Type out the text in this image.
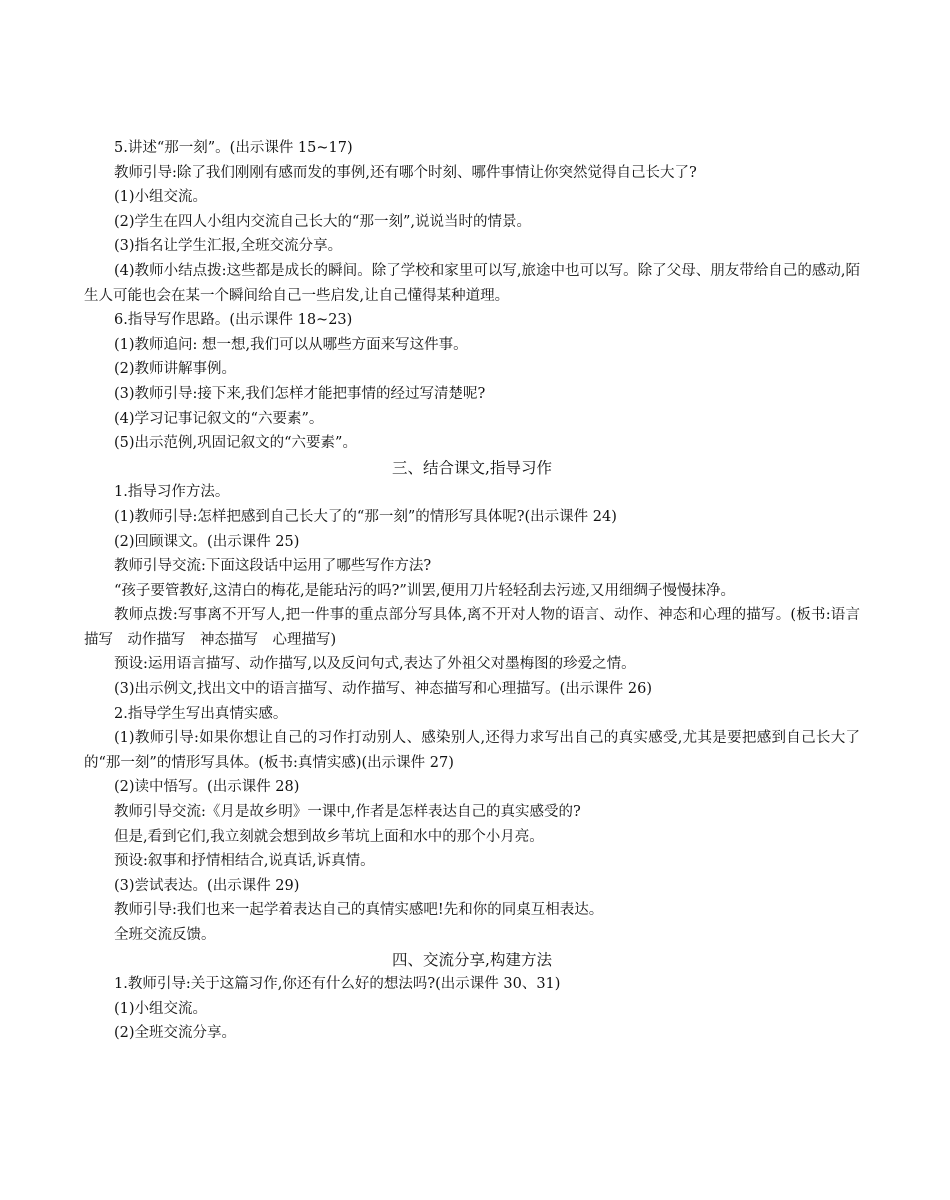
5.讲述“那一刻”。(出示课件 15~17)
教师引导:除了我们刚刚有感而发的事例,还有哪个时刻、哪件事情让你突然觉得自己长大了?
(1)小组交流。
(2)学生在四人小组内交流自己长大的“那一刻”,说说当时的情景。
(3)指名让学生汇报,全班交流分享。
(4)教师小结点拨:这些都是成长的瞬间。除了学校和家里可以写,旅途中也可以写。除了父母、朋友带给自己的感动,陌生人可能也会在某一个瞬间给自己一些启发,让自己懂得某种道理。
6.指导写作思路。(出示课件 18~23)
(1)教师追问: 想一想,我们可以从哪些方面来写这件事。
(2)教师讲解事例。
(3)教师引导:接下来,我们怎样才能把事情的经过写清楚呢?
(4)学习记事记叙文的“六要素”。
(5)出示范例,巩固记叙文的“六要素”。
三、结合课文,指导习作
1.指导习作方法。
(1)教师引导:怎样把感到自己长大了的“那一刻”的情形写具体呢?(出示课件 24)
(2)回顾课文。(出示课件 25)
教师引导交流:下面这段话中运用了哪些写作方法?
“孩子要管教好,这清白的梅花,是能玷污的吗?”训罢,便用刀片轻轻刮去污迹,又用细绸子慢慢抹净。
教师点拨:写事离不开写人,把一件事的重点部分写具体,离不开对人物的语言、动作、神态和心理的描写。(板书:语言描写　动作描写　神态描写　心理描写)
预设:运用语言描写、动作描写,以及反问句式,表达了外祖父对墨梅图的珍爱之情。
(3)出示例文,找出文中的语言描写、动作描写、神态描写和心理描写。(出示课件 26)
2.指导学生写出真情实感。
(1)教师引导:如果你想让自己的习作打动别人、感染别人,还得力求写出自己的真实感受,尤其是要把感到自己长大了的“那一刻”的情形写具体。(板书:真情实感)(出示课件 27)
(2)读中悟写。(出示课件 28)
教师引导交流:《月是故乡明》一课中,作者是怎样表达自己的真实感受的?
但是,看到它们,我立刻就会想到故乡苇坑上面和水中的那个小月亮。
预设:叙事和抒情相结合,说真话,诉真情。
(3)尝试表达。(出示课件 29)
教师引导:我们也来一起学着表达自己的真情实感吧!先和你的同桌互相表达。
全班交流反馈。
四、交流分享,构建方法
1.教师引导:关于这篇习作,你还有什么好的想法吗?(出示课件 30、31)
(1)小组交流。
(2)全班交流分享。
